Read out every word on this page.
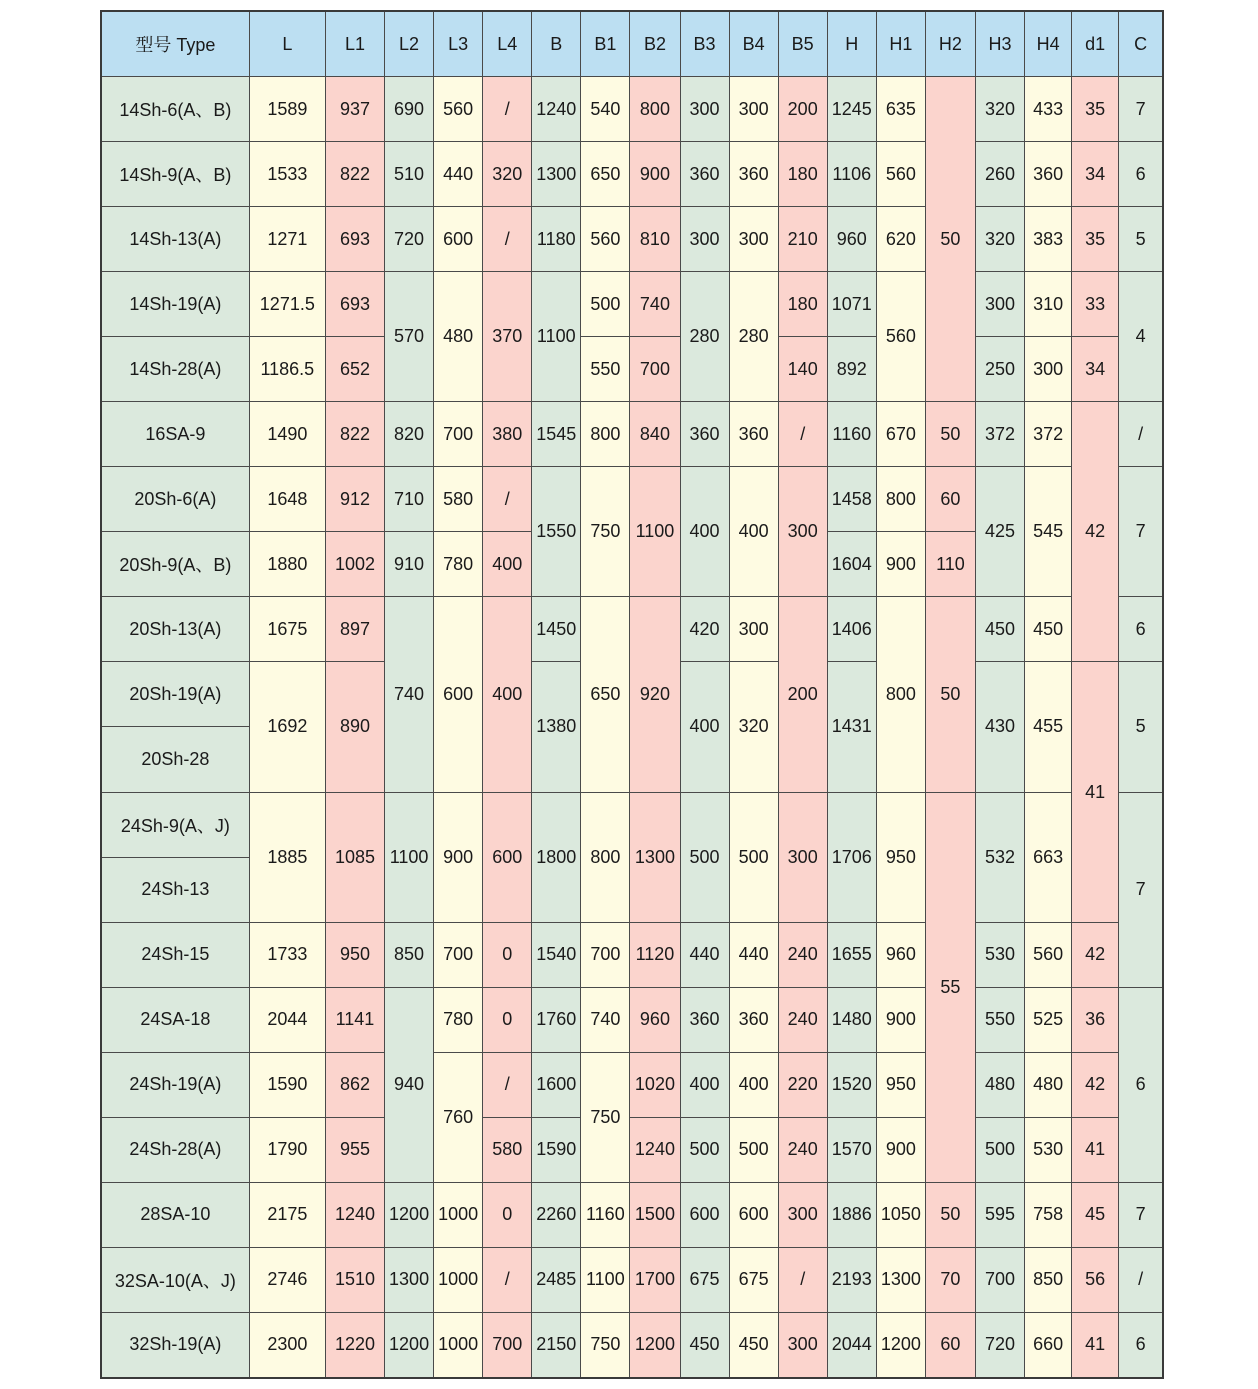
型号 Type	L	L1	L2	L3	L4	B	B1	B2	B3	B4	B5	H	H1	H2	H3	H4	d1	C
14Sh-6(A、B)	1589	937	690	560	/	1240	540	800	300	300	200	1245	635	50	320	433	35	7
14Sh-9(A、B)	1533	822	510	440	320	1300	650	900	360	360	180	1106	560		260	360	34	6
14Sh-13(A)	1271	693	720	600	/	1180	560	810	300	300	210	960	620		320	383	35	5
14Sh-19(A)	1271.5	693	570	480	370	1100	500	740	280	280	180	1071	560		300	310	33	4
14Sh-28(A)	1186.5	652					550	700			140	892			250	300	34	
16SA-9	1490	822	820	700	380	1545	800	840	360	360	/	1160	670	50	372	372	42	/
20Sh-6(A)	1648	912	710	580	/	1550	750	1100	400	400	300	1458	800	60	425	545		7
20Sh-9(A、B)	1880	1002	910	780	400							1604	900	110				
20Sh-13(A)	1675	897	740	600	400	1450	650	920	420	300	200	1406	800	50	450	450		6
20Sh-19(A)	1692	890				1380			400	320		1431			430	455	41	5
20Sh-28																		
24Sh-9(A、J)	1885	1085	1100	900	600	1800	800	1300	500	500	300	1706	950	55	532	663		7
24Sh-13																		
24Sh-15	1733	950	850	700	0	1540	700	1120	440	440	240	1655	960		530	560	42	
24SA-18	2044	1141	940	780	0	1760	740	960	360	360	240	1480	900		550	525	36	6
24Sh-19(A)	1590	862		760	/	1600	750	1020	400	400	220	1520	950		480	480	42	
24Sh-28(A)	1790	955			580	1590		1240	500	500	240	1570	900		500	530	41	
28SA-10	2175	1240	1200	1000	0	2260	1160	1500	600	600	300	1886	1050	50	595	758	45	7
32SA-10(A、J)	2746	1510	1300	1000	/	2485	1100	1700	675	675	/	2193	1300	70	700	850	56	/
32Sh-19(A)	2300	1220	1200	1000	700	2150	750	1200	450	450	300	2044	1200	60	720	660	41	6
